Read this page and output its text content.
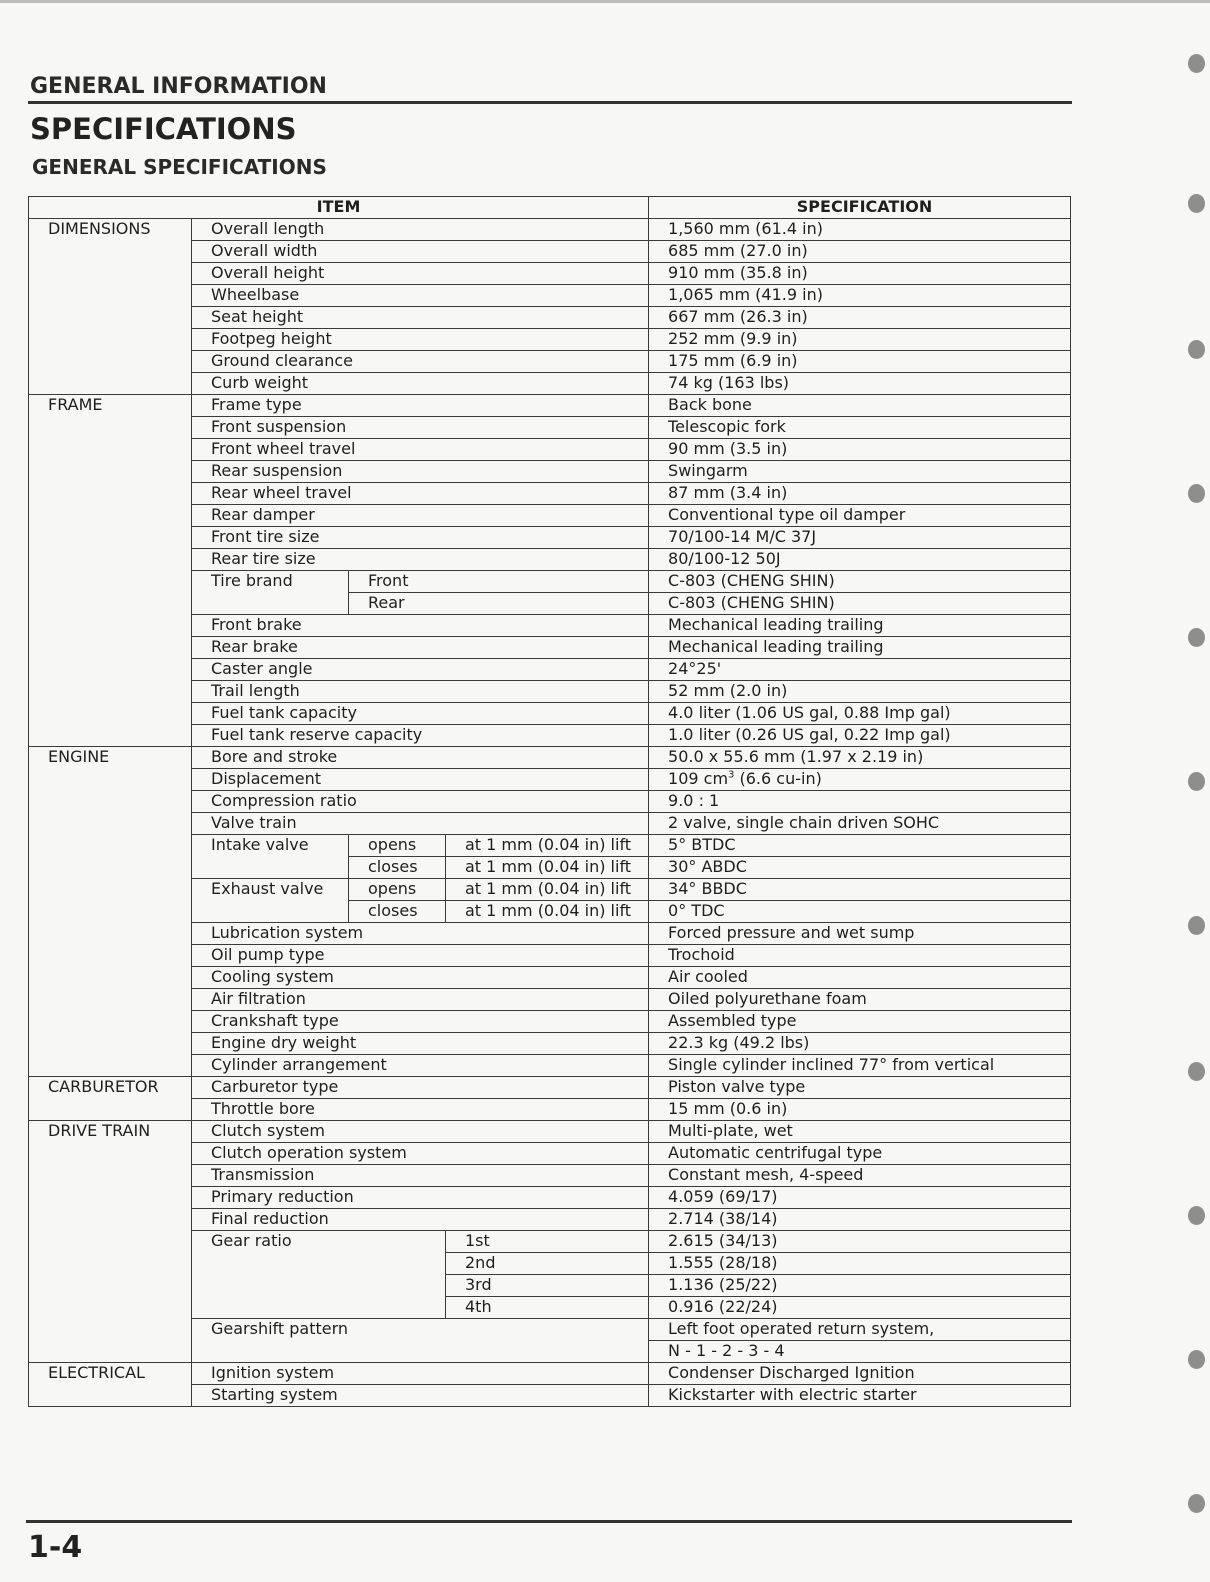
GENERAL INFORMATION
SPECIFICATIONS
GENERAL SPECIFICATIONS
ITEM				SPECIFICATION
DIMENSIONS	Overall length			1,560 mm (61.4 in)
	Overall width			685 mm (27.0 in)
	Overall height			910 mm (35.8 in)
	Wheelbase			1,065 mm (41.9 in)
	Seat height			667 mm (26.3 in)
	Footpeg height			252 mm (9.9 in)
	Ground clearance			175 mm (6.9 in)
	Curb weight			74 kg (163 lbs)
FRAME	Frame type			Back bone
	Front suspension			Telescopic fork
	Front wheel travel			90 mm (3.5 in)
	Rear suspension			Swingarm
	Rear wheel travel			87 mm (3.4 in)
	Rear damper			Conventional type oil damper
	Front tire size			70/100-14 M/C 37J
	Rear tire size			80/100-12 50J
	Tire brand	Front		C-803 (CHENG SHIN)
		Rear		C-803 (CHENG SHIN)
	Front brake			Mechanical leading trailing
	Rear brake			Mechanical leading trailing
	Caster angle			24°25'
	Trail length			52 mm (2.0 in)
	Fuel tank capacity			4.0 liter (1.06 US gal, 0.88 Imp gal)
	Fuel tank reserve capacity			1.0 liter (0.26 US gal, 0.22 Imp gal)
ENGINE	Bore and stroke			50.0 x 55.6 mm (1.97 x 2.19 in)
	Displacement			109 $cm^3$ (6.6 cu-in)
	Compression ratio			9.0 : 1
	Valve train			2 valve, single chain driven SOHC
	Intake valve	opens	at 1 mm (0.04 in) lift	5° BTDC
		closes	at 1 mm (0.04 in) lift	30° ABDC
	Exhaust valve	opens	at 1 mm (0.04 in) lift	34° BBDC
		closes	at 1 mm (0.04 in) lift	0° TDC
	Lubrication system			Forced pressure and wet sump
	Oil pump type			Trochoid
	Cooling system			Air cooled
	Air filtration			Oiled polyurethane foam
	Crankshaft type			Assembled type
	Engine dry weight			22.3 kg (49.2 lbs)
	Cylinder arrangement			Single cylinder inclined 77° from vertical
CARBURETOR	Carburetor type			Piston valve type
	Throttle bore			15 mm (0.6 in)
DRIVE TRAIN	Clutch system			Multi-plate, wet
	Clutch operation system			Automatic centrifugal type
	Transmission			Constant mesh, 4-speed
	Primary reduction			4.059 (69/17)
	Final reduction			2.714 (38/14)
	Gear ratio		1st	2.615 (34/13)
			2nd	1.555 (28/18)
			3rd	1.136 (25/22)
			4th	0.916 (22/24)
	Gearshift pattern			Left foot operated return system,
				N - 1 - 2 - 3 - 4
ELECTRICAL	Ignition system			Condenser Discharged Ignition
	Starting system			Kickstarter with electric starter
1-4
